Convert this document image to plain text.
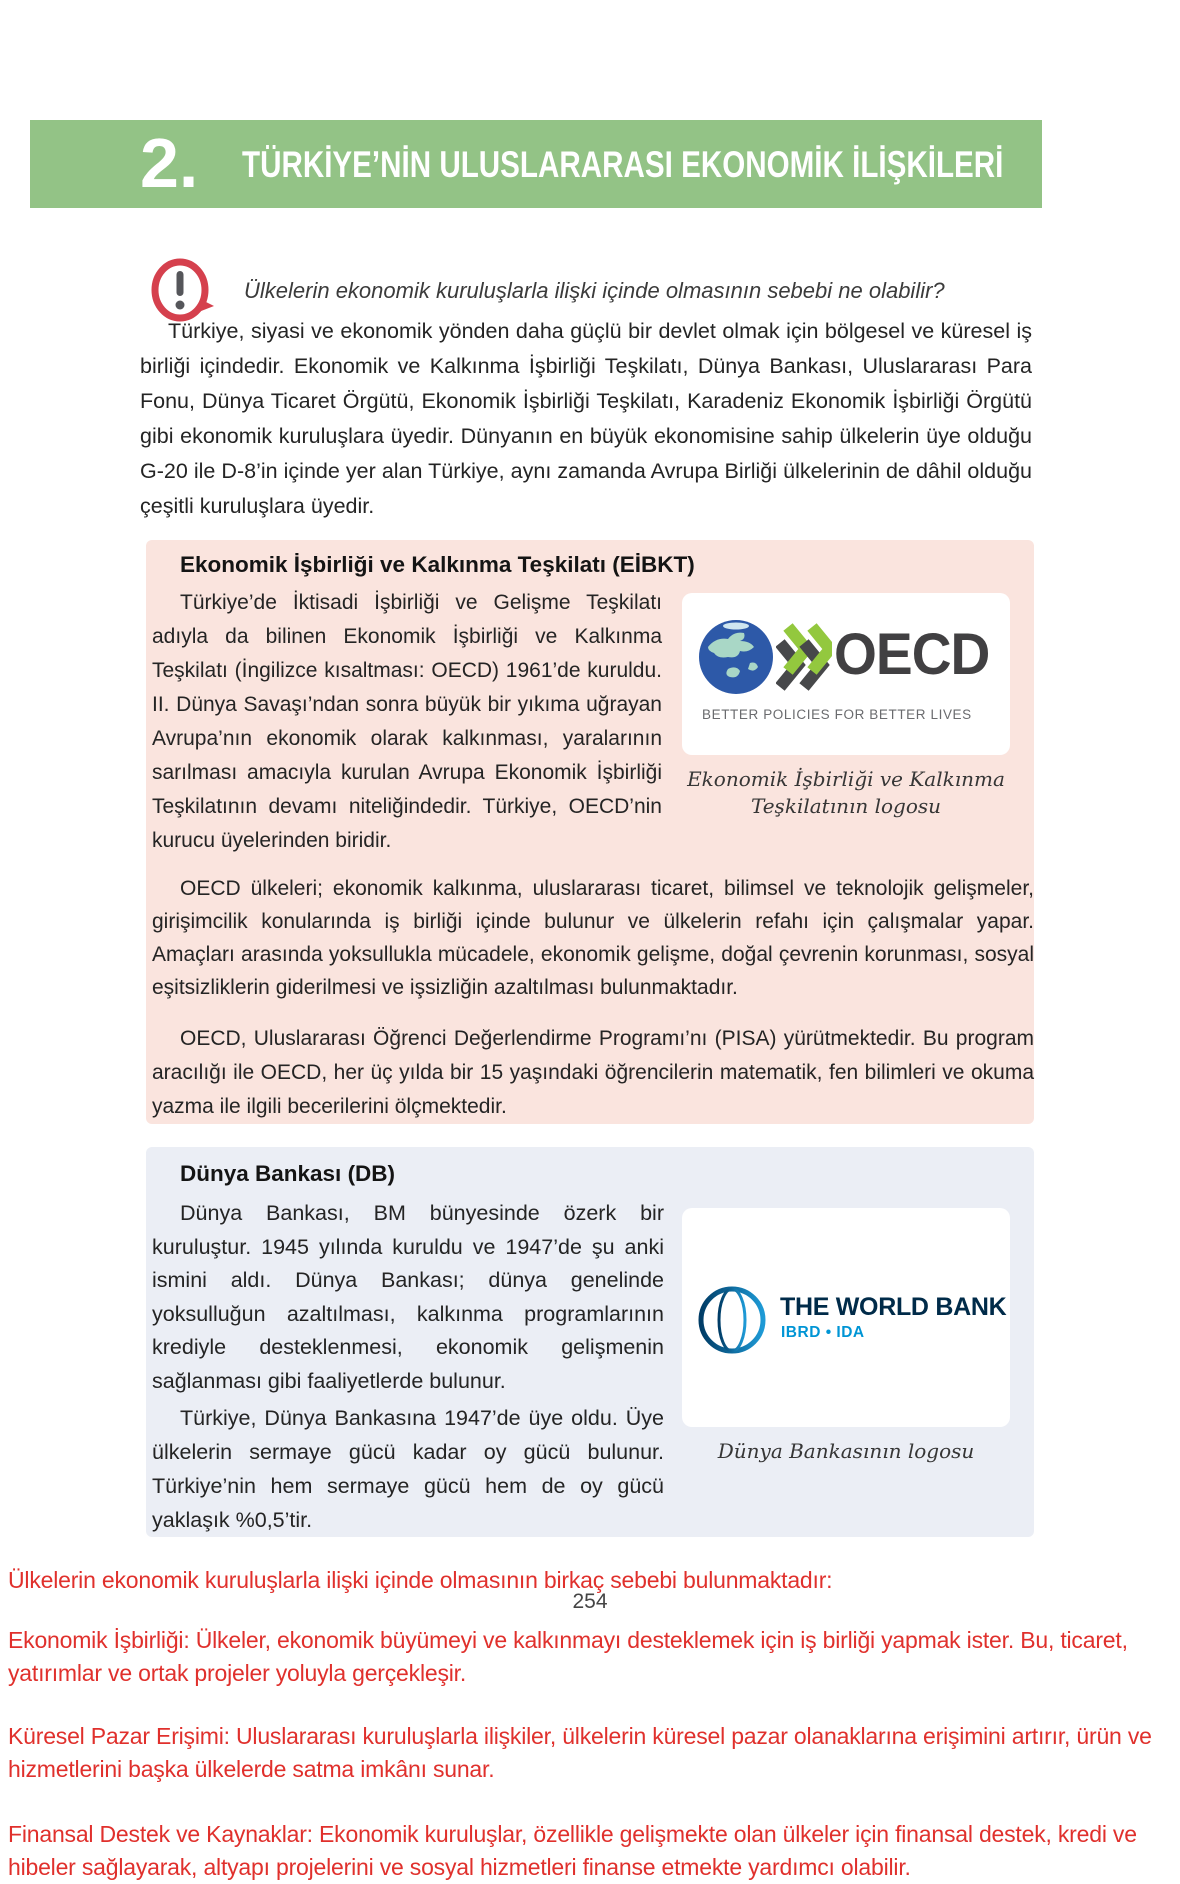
2. TÜRKİYE’NİN ULUSLARARASI EKONOMİK İLİŞKİLERİ
Ülkelerin ekonomik kuruluşlarla ilişki içinde olmasının sebebi ne olabilir?
Türkiye, siyasi ve ekonomik yönden daha güçlü bir devlet olmak için bölgesel ve küresel iş birliği içindedir. Ekonomik ve Kalkınma İşbirliği Teşkilatı, Dünya Bankası, Uluslararası Para Fonu, Dünya Ticaret Örgütü, Ekonomik İşbirliği Teşkilatı, Karadeniz Ekonomik İşbirliği Örgütü gibi ekonomik kuruluşlara üyedir. Dünyanın en büyük ekonomisine sahip ülkelerin üye olduğu G-20 ile D-8’in içinde yer alan Türkiye, aynı zamanda Avrupa Birliği ülkelerinin de dâhil olduğu çeşitli kuruluşlara üyedir.
Ekonomik İşbirliği ve Kalkınma Teşkilatı (EİBKT)
Türkiye’de İktisadi İşbirliği ve Gelişme Teşkilatı adıyla da bilinen Ekonomik İşbirliği ve Kalkınma Teşkilatı (İngilizce kısaltması: OECD) 1961’de kuruldu. II. Dünya Savaşı’ndan sonra büyük bir yıkıma uğrayan Avrupa’nın ekonomik olarak kalkınması, yaralarının sarılması amacıyla kurulan Avrupa Ekonomik İşbirliği Teşkilatının devamı niteliğindedir. Türkiye, OECD’nin kurucu üyelerinden biridir.
OECD
BETTER POLICIES FOR BETTER LIVES
Ekonomik İşbirliği ve Kalkınma Teşkilatının logosu
OECD ülkeleri; ekonomik kalkınma, uluslararası ticaret, bilimsel ve teknolojik gelişmeler, girişimcilik konularında iş birliği içinde bulunur ve ülkelerin refahı için çalışmalar yapar. Amaçları arasında yoksullukla mücadele, ekonomik gelişme, doğal çevrenin korunması, sosyal eşitsizliklerin giderilmesi ve işsizliğin azaltılması bulunmaktadır.
OECD, Uluslararası Öğrenci Değerlendirme Programı’nı (PISA) yürütmektedir. Bu program aracılığı ile OECD, her üç yılda bir 15 yaşındaki öğrencilerin matematik, fen bilimleri ve okuma yazma ile ilgili becerilerini ölçmektedir.
Dünya Bankası (DB)
Dünya Bankası, BM bünyesinde özerk bir kuruluştur. 1945 yılında kuruldu ve 1947’de şu anki ismini aldı. Dünya Bankası; dünya genelinde yoksulluğun azaltılması, kalkınma programlarının krediyle desteklenmesi, ekonomik gelişmenin sağlanması gibi faaliyetlerde bulunur.
Türkiye, Dünya Bankasına 1947’de üye oldu. Üye ülkelerin sermaye gücü kadar oy gücü bulunur. Türkiye’nin hem sermaye gücü hem de oy gücü yaklaşık %0,5’tir.
THE WORLD BANK
IBRD • IDA
Dünya Bankasının logosu
Ülkelerin ekonomik kuruluşlarla ilişki içinde olmasının birkaç sebebi bulunmaktadır:
254
Ekonomik İşbirliği: Ülkeler, ekonomik büyümeyi ve kalkınmayı desteklemek için iş birliği yapmak ister. Bu, ticaret, yatırımlar ve ortak projeler yoluyla gerçekleşir.
Küresel Pazar Erişimi: Uluslararası kuruluşlarla ilişkiler, ülkelerin küresel pazar olanaklarına erişimini artırır, ürün ve hizmetlerini başka ülkelerde satma imkânı sunar.
Finansal Destek ve Kaynaklar: Ekonomik kuruluşlar, özellikle gelişmekte olan ülkeler için finansal destek, kredi ve hibeler sağlayarak, altyapı projelerini ve sosyal hizmetleri finanse etmekte yardımcı olabilir.
